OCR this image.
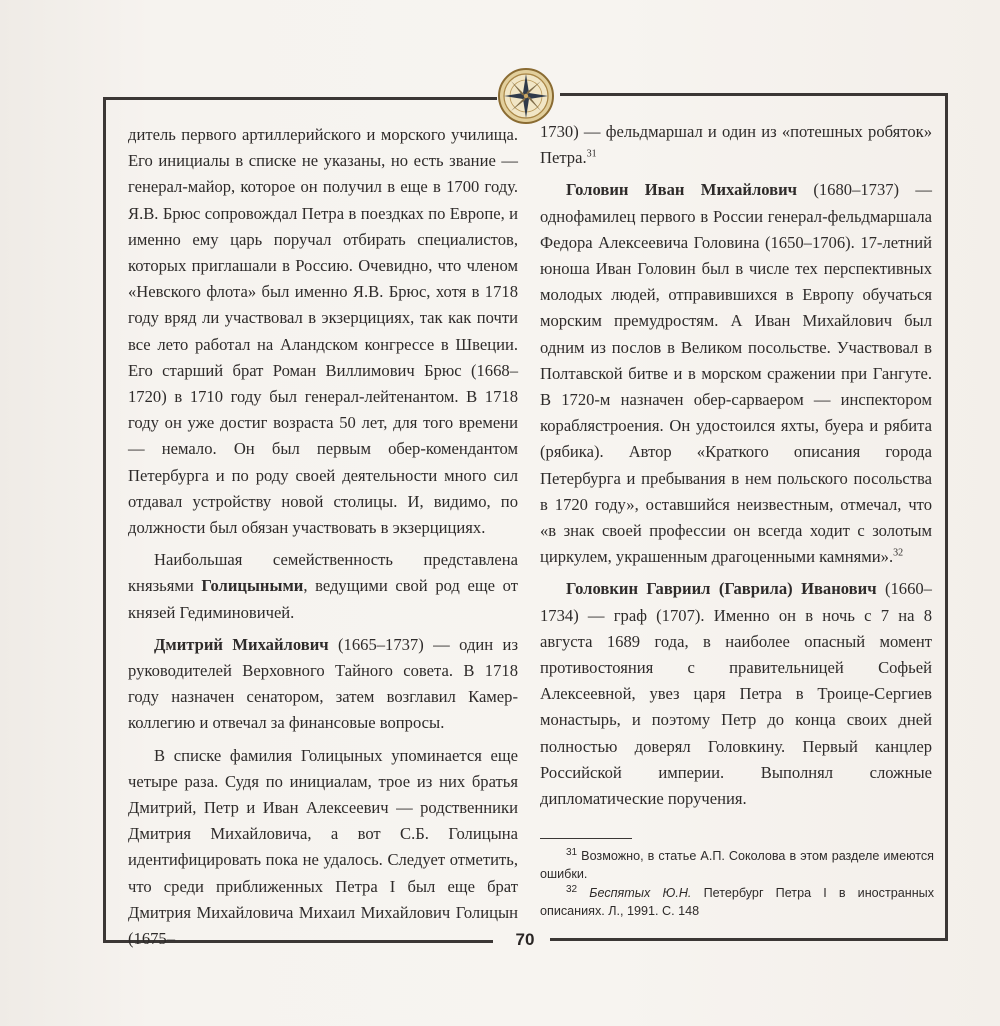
дитель первого артиллерийского и морского училища. Его инициалы в списке не указаны, но есть звание — генерал-майор, которое он получил в еще в 1700 году. Я.В. Брюс сопровождал Петра в поездках по Европе, и именно ему царь поручал отбирать специалистов, которых приглашали в Россию. Очевидно, что членом «Невского флота» был именно Я.В. Брюс, хотя в 1718 году вряд ли участвовал в экзерцициях, так как почти все лето работал на Аландском конгрессе в Швеции. Его старший брат Роман Виллимович Брюс (1668–1720) в 1710 году был генерал-лейтенантом. В 1718 году он уже достиг возраста 50 лет, для того времени — немало. Он был первым обер-комендантом Петербурга и по роду своей деятельности много сил отдавал устройству новой столицы. И, видимо, по должности был обязан участвовать в экзерцициях.

Наибольшая семейственность представлена князьями Голицыными, ведущими свой род еще от князей Гедиминовичей.

Дмитрий Михайлович (1665–1737) — один из руководителей Верховного Тайного совета. В 1718 году назначен сенатором, затем возглавил Камер-коллегию и отвечал за финансовые вопросы.

В списке фамилия Голицыных упоминается еще четыре раза. Судя по инициалам, трое из них братья Дмитрий, Петр и Иван Алексеевич — родственники Дмитрия Михайловича, а вот С.Б. Голицына идентифицировать пока не удалось. Следует отметить, что среди приближенных Петра I был еще брат Дмитрия Михайловича Михаил Михайлович Голицын (1675–

1730) — фельдмаршал и один из «потешных робяток» Петра.$^{31}$

Головин Иван Михайлович (1680–1737) — однофамилец первого в России генерал-фельдмаршала Федора Алексеевича Головина (1650–1706). 17-летний юноша Иван Головин был в числе тех перспективных молодых людей, отправившихся в Европу обучаться морским премудростям. А Иван Михайлович был одним из послов в Великом посольстве. Участвовал в Полтавской битве и в морском сражении при Гангуте. В 1720-м назначен обер-сарваером — инспектором кораблястроения. Он удостоился яхты, буера и рябита (рябика). Автор «Краткого описания города Петербурга и пребывания в нем польского посольства в 1720 году», оставшийся неизвестным, отмечал, что «в знак своей профессии он всегда ходит с золотым циркулем, украшенным драгоценными камнями».$^{32}$

Головкин Гавриил (Гаврила) Иванович (1660–1734) — граф (1707). Именно он в ночь с 7 на 8 августа 1689 года, в наиболее опасный момент противостояния с правительницей Софьей Алексеевной, увез царя Петра в Троице-Сергиев монастырь, и поэтому Петр до конца своих дней полностью доверял Головкину. Первый канцлер Российской империи. Выполнял сложные дипломатические поручения.

$^{31}$ Возможно, в статье А.П. Соколова в этом разделе имеются ошибки.

$^{32}$ Беспятых Ю.Н. Петербург Петра I в иностранных описаниях. Л., 1991. С. 148

70
